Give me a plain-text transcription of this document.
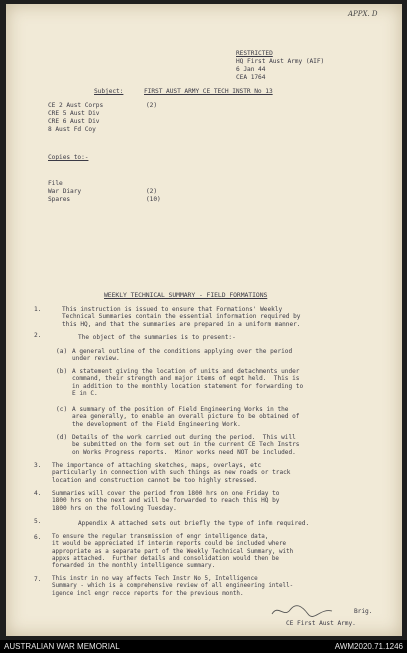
APPX. D
RESTRICTED
HQ First Aust Army (AIF)
6 Jan 44
CEA 1764
Subject:	FIRST AUST ARMY CE TECH INSTR No 13
CE 2 Aust Corps	(2)
CRE 5 Aust Div
CRE 6 Aust Div
8 Aust Fd Coy
Copies to:-
File
War Diary	(2)
Spares	(10)
WEEKLY TECHNICAL SUMMARY - FIELD FORMATIONS
1.	This instruction is issued to ensure that Formations' Weekly
Technical Summaries contain the essential information required by
this HQ, and that the summaries are prepared in a uniform manner.
2.	The object of the summaries is to present:-
(a) A general outline of the conditions applying over the period
under review.
(b) A statement giving the location of units and detachments under
command, their strength and major items of eqpt held.  This is
in addition to the monthly location statement for forwarding to
E in C.
(c) A summary of the position of Field Engineering Works in the
area generally, to enable an overall picture to be obtained of
the development of the Field Engineering Work.
(d) Details of the work carried out during the period.  This will
be submitted on the form set out in the current CE Tech Instrs
on Works Progress reports.  Minor works need NOT be included.
3. The importance of attaching sketches, maps, overlays, etc
particularly in connection with such things as new roads or track
location and construction cannot be too highly stressed.
4. Summaries will cover the period from 1800 hrs on one Friday to
1800 hrs on the next and will be forwarded to reach this HQ by
1800 hrs on the following Tuesday.
5.	Appendix A attached sets out briefly the type of infm required.
6. To ensure the regular transmission of engr intelligence data,
it would be appreciated if interim reports could be included where
appropriate as a separate part of the Weekly Technical Summary, with
appxs attached.  Further details and consolidation would then be
forwarded in the monthly intelligence summary.
7. This instr in no way affects Tech Instr No 5, Intelligence
Summary - which is a comprehensive review of all engineering intell-
igence incl engr recce reports for the previous month.
Brig.
CE First Aust Army.
AUSTRALIAN WAR MEMORIAL	AWM2020.71.1246
